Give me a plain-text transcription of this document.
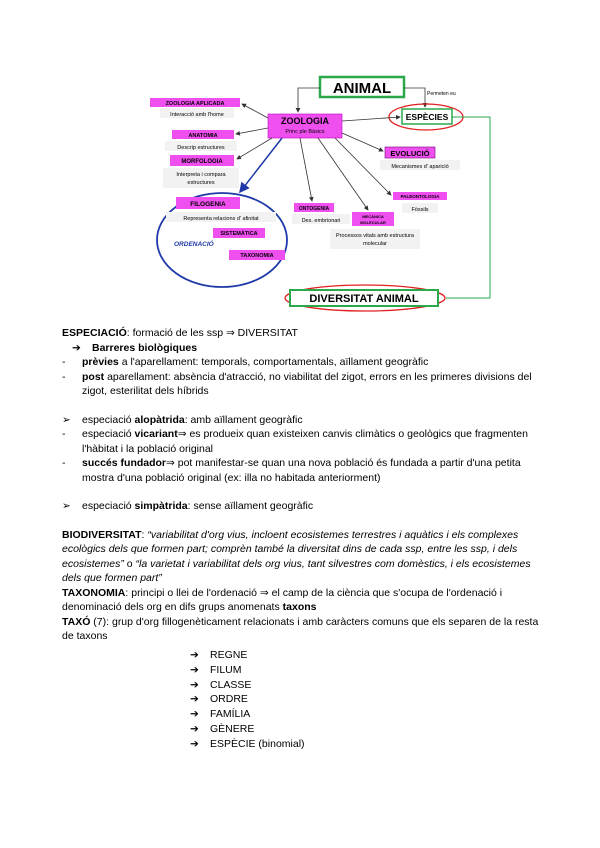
ANIMAL	Permeten eu
ESPÈCIES
ZOOLOGIA
Princ ple Bàsics
ZOOLOGIA APLICADA
Interacció amb l'home
ANATOMIA
Descrip estructures
MORFOLOGIA
Interpreta i compara
estructures
FILOGENIA
Representa relacions d' afinitat
SISTEMÀTICA
ORDENACIÓ
TAXONOMIA
ONTOGENIA
Des. embrionari
EVOLUCIÓ
Mecanismes d' aparició
PALEONTOLOGIA
Fòssils
MECÀNICA
MOLECULAR
Processos vitals amb estructura
molecular
DIVERSITAT ANIMAL
ESPECIACIÓ: formació de les ssp ⇒ DIVERSITAT
➔	Barreres biològiques
-	prèvies a l'aparellament: temporals, comportamentals, aïllament geogràfic
-	post aparellament: absència d'atracció, no viabilitat del zigot, errors en les primeres divisions del zigot, esterilitat dels híbrids
➢	especiació alopàtrida: amb aïllament geogràfic
-	especiació vicariant⇒ es produeix quan existeixen canvis climàtics o geològics que fragmenten l'hàbitat i la població original
-	succés fundador⇒ pot manifestar-se quan una nova població és fundada a partir d'una petita mostra d'una població original (ex: illa no habitada anteriorment)
➢	especiació simpàtrida: sense aïllament geogràfic
BIODIVERSITAT: “variabilitat d'org vius, incloent ecosistemes terrestres i aquàtics i els complexes ecològics dels que formen part; comprèn també la diversitat dins de cada ssp, entre les ssp, i dels ecosistemes” o “la varietat i variabilitat dels org vius, tant silvestres com domèstics, i els ecosistemes dels que formen part”
TAXONOMIA: principi o llei de l'ordenació ⇒ el camp de la ciència que s'ocupa de l'ordenació i denominació dels org en difs grups anomenats taxons
TAXÓ (7): grup d'org fillogenèticament relacionats i amb caràcters comuns que els separen de la resta de taxons
➔	REGNE
➔	FILUM
➔	CLASSE
➔	ORDRE
➔	FAMÍLIA
➔	GÈNERE
➔	ESPÈCIE (binomial)
